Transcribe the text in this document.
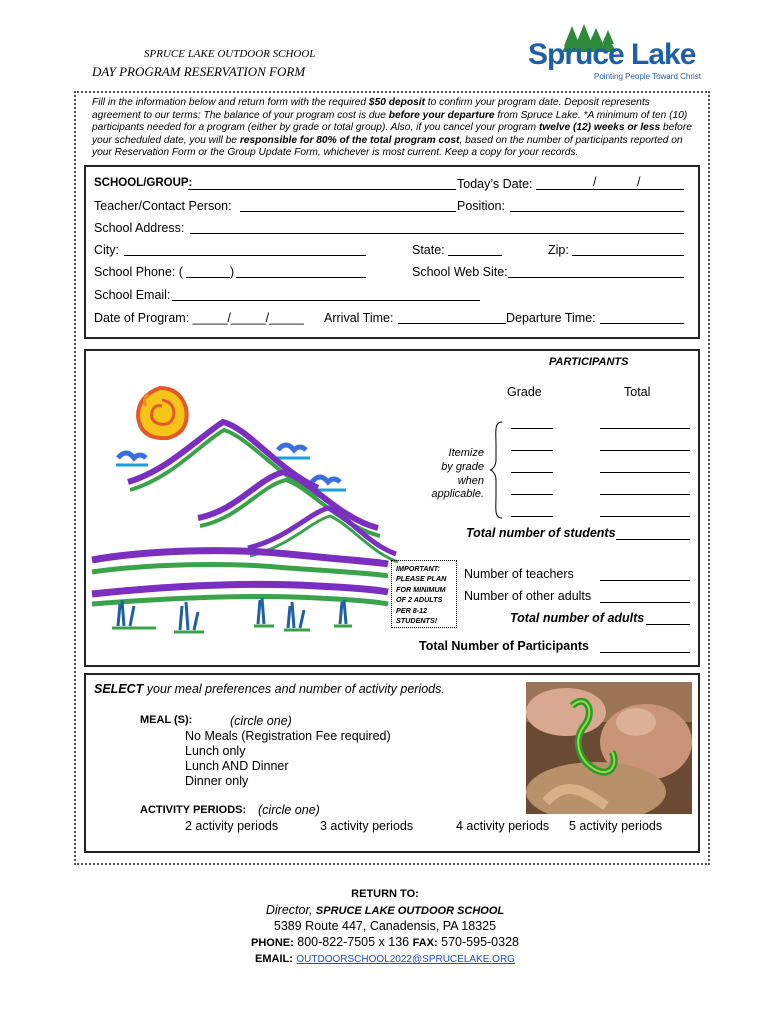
SPRUCE LAKE OUTDOOR SCHOOL
DAY PROGRAM RESERVATION FORM
Spruce Lake
Pointing People Toward Christ
Fill in the information below and return form with the required $50 deposit to confirm your program date. Deposit represents agreement to our terms: The balance of your program cost is due before your departure from Spruce Lake. *A minimum of ten (10) participants needed for a program (either by grade or total group). Also, if you cancel your program twelve (12) weeks or less before your scheduled date, you will be responsible for 80% of the total program cost, based on the number of participants reported on your Reservation Form or the Group Update Form, whichever is most current. Keep a copy for your records.
SCHOOL/GROUP:	Today’s Date:	/	/
Teacher/Contact Person:	Position:
School Address:
City:	State:	Zip:
School Phone: (	)	School Web Site:
School Email:
Date of Program: _____/_____/_____ Arrival Time:	Departure Time:
PARTICIPANTS
Grade	Total
Itemize
by grade
when
applicable.
Total number of students
IMPORTANT:
PLEASE PLAN
FOR MINIMUM
OF 2 ADULTS
PER 8-12
STUDENTS!
Number of teachers
Number of other adults
Total number of adults
Total Number of Participants
SELECT your meal preferences and number of activity periods.
MEAL (S):	(circle one)
No Meals (Registration Fee required)
Lunch only
Lunch AND Dinner
Dinner only
ACTIVITY PERIODS: (circle one)
2 activity periods	3 activity periods	4 activity periods 5 activity periods
RETURN TO:
Director, SPRUCE LAKE OUTDOOR SCHOOL
5389 Route 447, Canadensis, PA 18325
PHONE: 800-822-7505 x 136 FAX: 570-595-0328
EMAIL: OUTDOORSCHOOL2022@SPRUCELAKE.ORG
